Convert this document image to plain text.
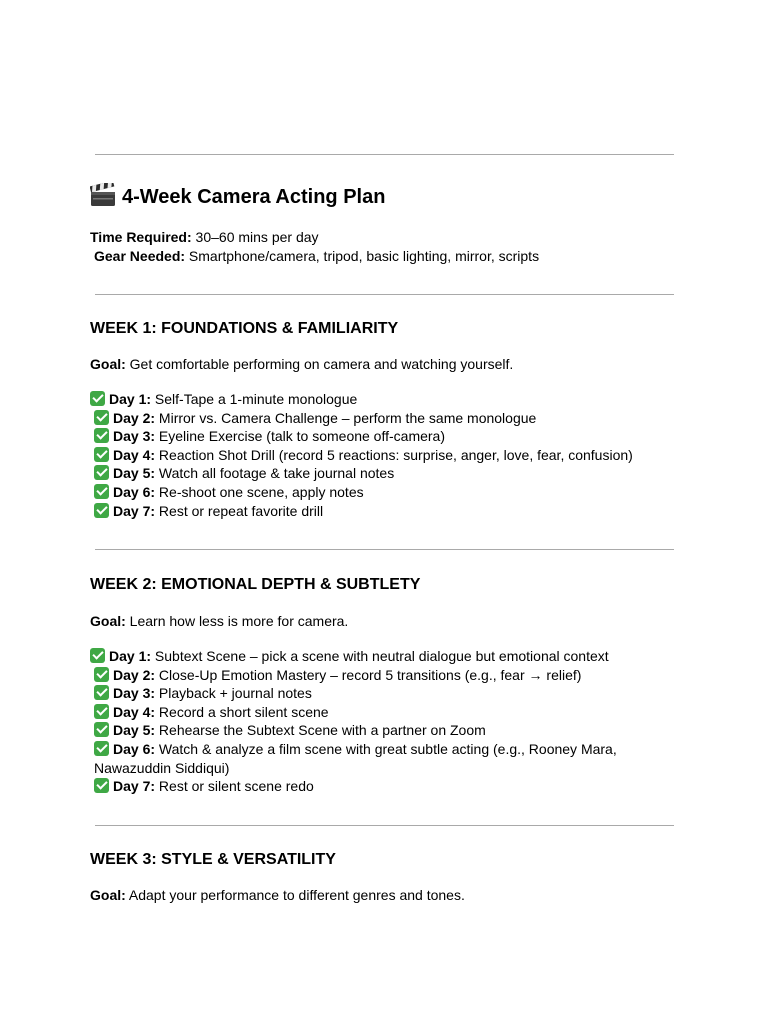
4-Week Camera Acting Plan
Time Required: 30–60 mins per day
Gear Needed: Smartphone/camera, tripod, basic lighting, mirror, scripts
WEEK 1: FOUNDATIONS & FAMILIARITY
Goal: Get comfortable performing on camera and watching yourself.

Day 1: Self-Tape a 1-minute monologue

Day 2: Mirror vs. Camera Challenge – perform the same monologue

Day 3: Eyeline Exercise (talk to someone off-camera)

Day 4: Reaction Shot Drill (record 5 reactions: surprise, anger, love, fear, confusion)

Day 5: Watch all footage & take journal notes

Day 6: Re-shoot one scene, apply notes

Day 7: Rest or repeat favorite drill

WEEK 2: EMOTIONAL DEPTH & SUBTLETY
Goal: Learn how less is more for camera.

Day 1: Subtext Scene – pick a scene with neutral dialogue but emotional context

Day 2: Close-Up Emotion Mastery – record 5 transitions (e.g., fear → relief)

Day 3: Playback + journal notes

Day 4: Record a short silent scene

Day 5: Rehearse the Subtext Scene with a partner on Zoom

Day 6: Watch & analyze a film scene with great subtle acting (e.g., Rooney Mara, Nawazuddin Siddiqui)

Day 7: Rest or silent scene redo

WEEK 3: STYLE & VERSATILITY
Goal: Adapt your performance to different genres and tones.
